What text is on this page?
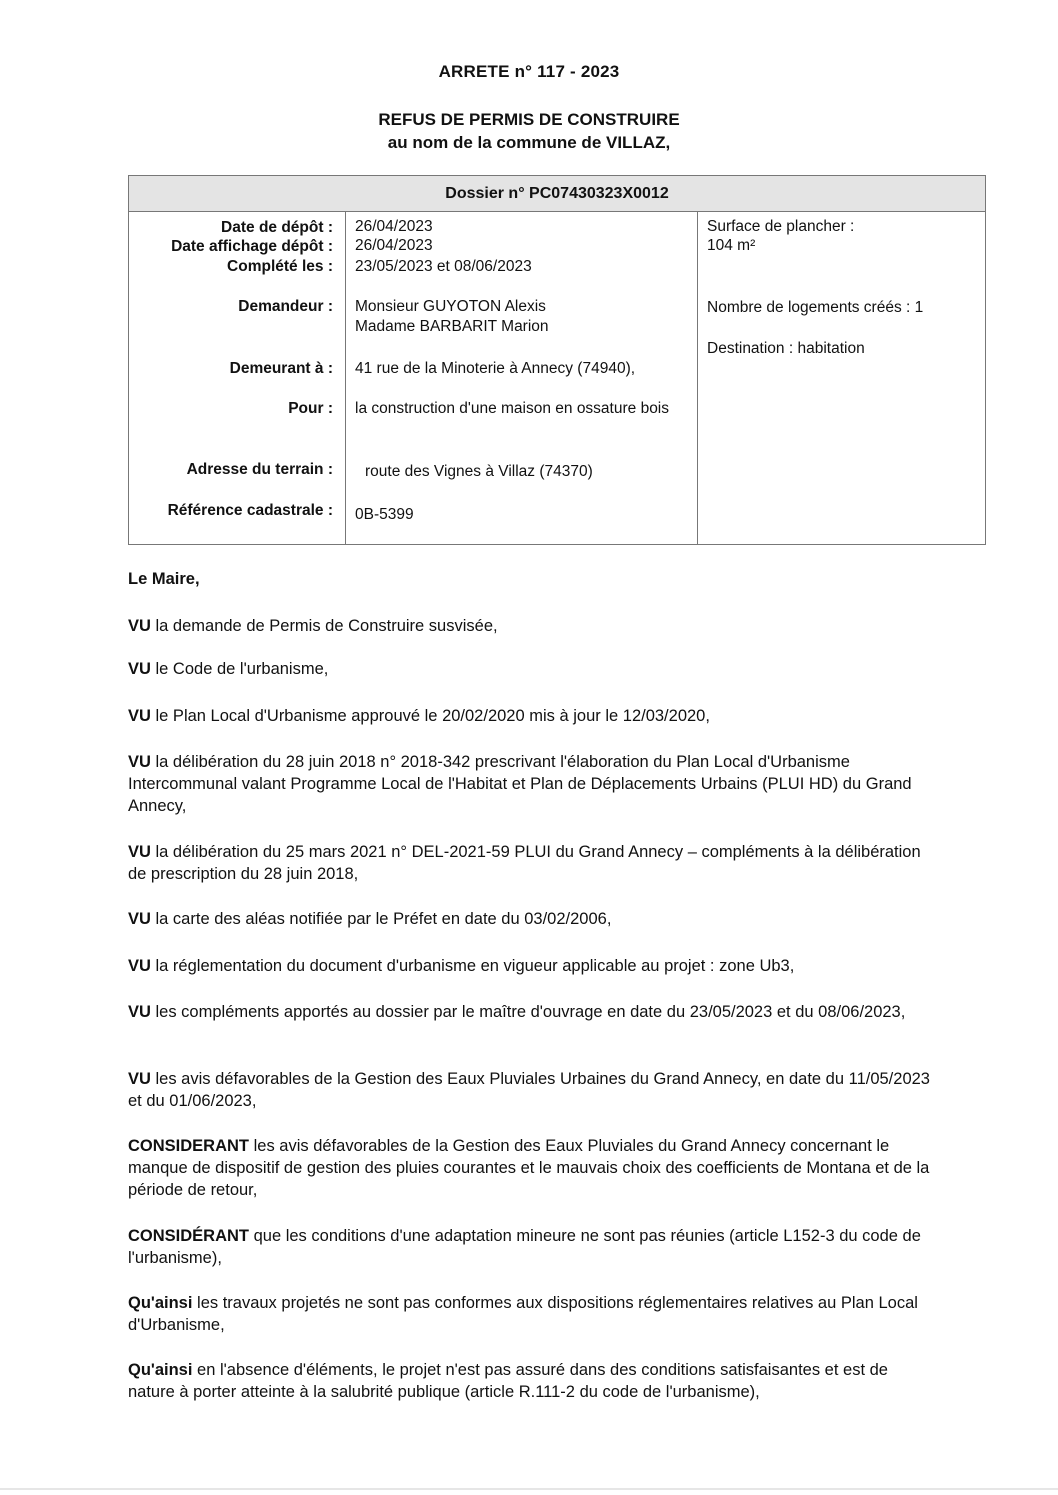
ARRETE n° 117 - 2023
REFUS DE PERMIS DE CONSTRUIRE
au nom de la commune de VILLAZ,
Dossier n° PC07430323X0012
Date de dépôt :
Date affichage dépôt :
Complété les :
Demandeur :
Demeurant à :
Pour :
Adresse du terrain :
Référence cadastrale :
26/04/2023
26/04/2023
23/05/2023 et 08/06/2023
Monsieur GUYOTON Alexis
Madame BARBARIT Marion
41 rue de la Minoterie à Annecy (74940),
la construction d'une maison en ossature bois
route des Vignes à Villaz (74370)
0B-5399
Surface de plancher :
104 m²
Nombre de logements créés : 1
Destination : habitation
Le Maire,
VU la demande de Permis de Construire susvisée,
VU le Code de l'urbanisme,
VU le Plan Local d'Urbanisme approuvé le 20/02/2020 mis à jour le 12/03/2020,
VU la délibération du 28 juin 2018 n° 2018-342 prescrivant l'élaboration du Plan Local d'Urbanisme Intercommunal valant Programme Local de l'Habitat et Plan de Déplacements Urbains (PLUI HD) du Grand Annecy,
VU la délibération du 25 mars 2021 n° DEL-2021-59 PLUI du Grand Annecy – compléments à la délibération de prescription du 28 juin 2018,
VU la carte des aléas notifiée par le Préfet en date du 03/02/2006,
VU la réglementation du document d'urbanisme en vigueur applicable au projet : zone Ub3,
VU les compléments apportés au dossier par le maître d'ouvrage en date du 23/05/2023 et du 08/06/2023,
VU les avis défavorables de la Gestion des Eaux Pluviales Urbaines du Grand Annecy, en date du 11/05/2023 et du 01/06/2023,
CONSIDERANT les avis défavorables de la Gestion des Eaux Pluviales du Grand Annecy concernant le manque de dispositif de gestion des pluies courantes et le mauvais choix des coefficients de Montana et de la période de retour,
CONSIDÉRANT que les conditions d'une adaptation mineure ne sont pas réunies (article L152-3 du code de l'urbanisme),
Qu'ainsi les travaux projetés ne sont pas conformes aux dispositions réglementaires relatives au Plan Local d'Urbanisme,
Qu'ainsi en l'absence d'éléments, le projet n'est pas assuré dans des conditions satisfaisantes et est de nature à porter atteinte à la salubrité publique (article R.111-2 du code de l'urbanisme),
